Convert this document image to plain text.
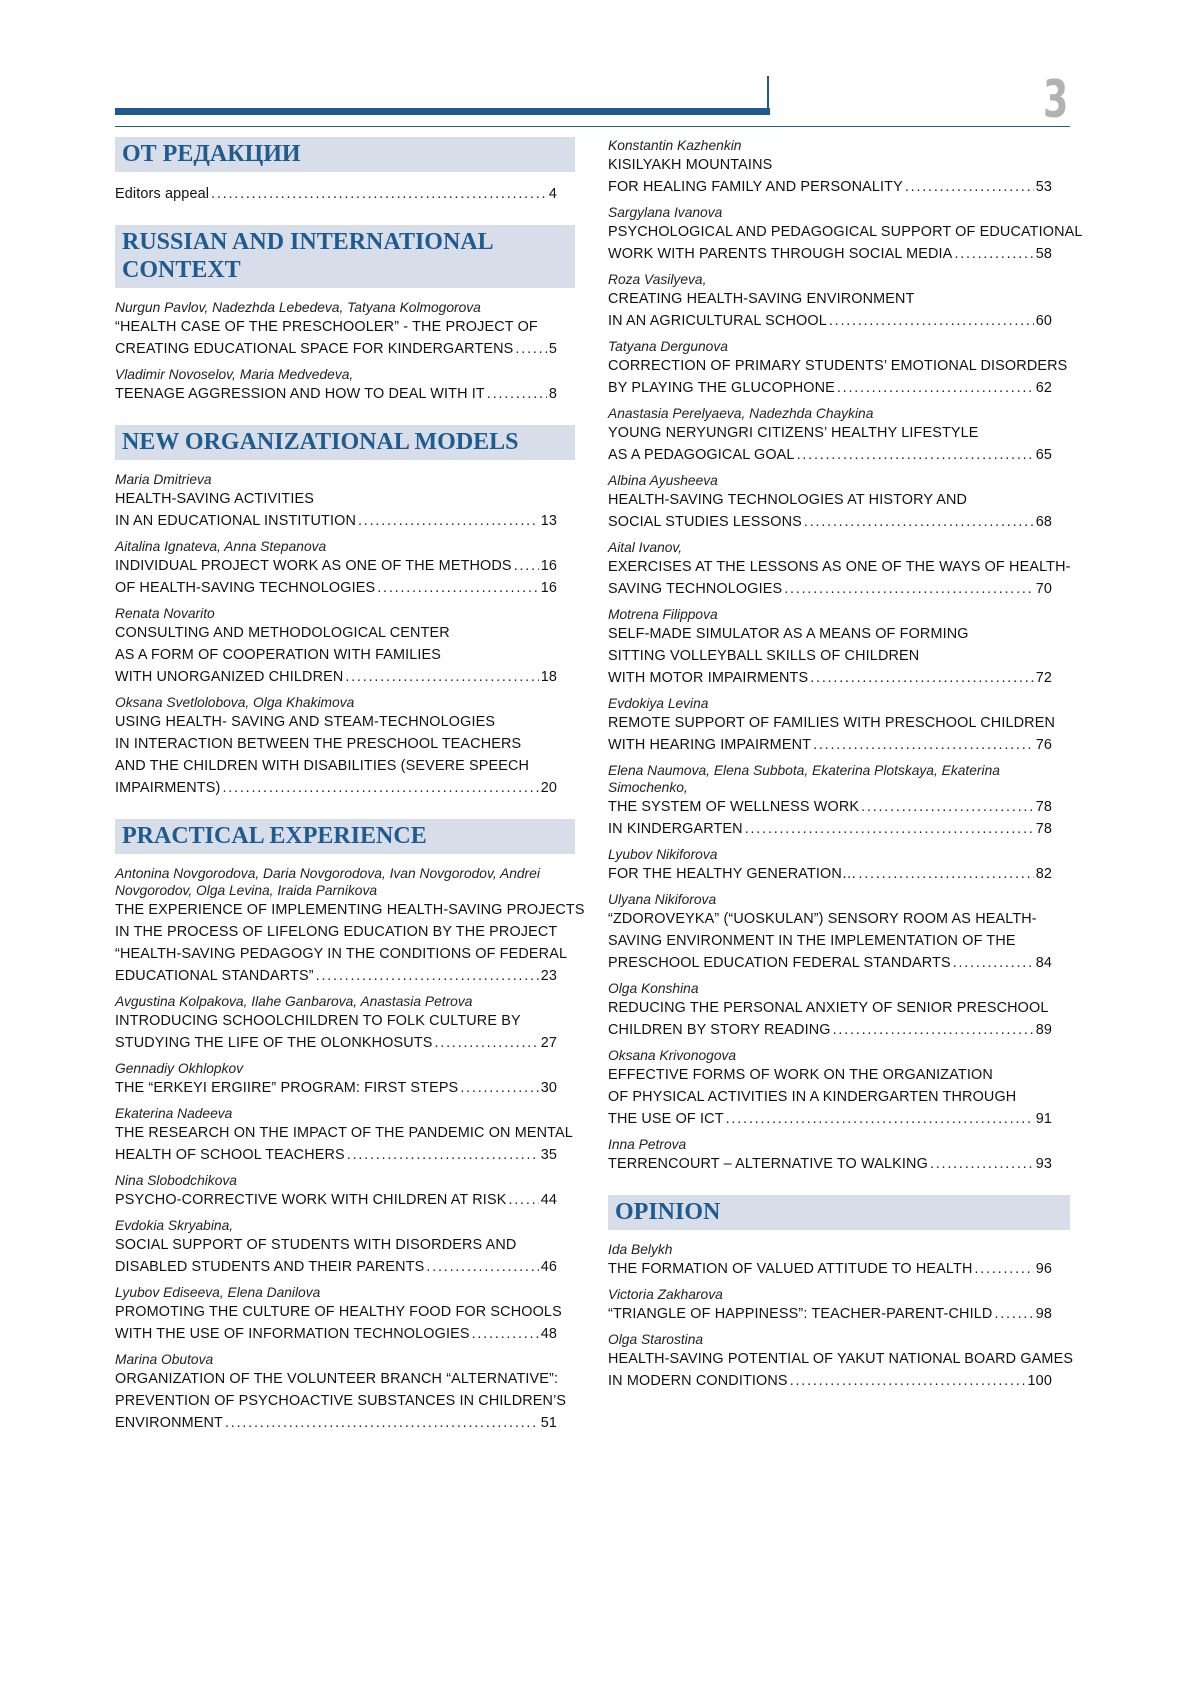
3
ОТ РЕДАКЦИИ
Editors appeal . . .	4
RUSSIAN AND INTERNATIONAL CONTEXT
Nurgun Pavlov, Nadezhda Lebedeva, Tatyana Kolmogorova
“HEALTH CASE OF THE PRESCHOOLER” - THE PROJECT OF
CREATING EDUCATIONAL SPACE FOR KINDERGARTENS . . . 5
Vladimir Novoselov, Maria Medvedeva,
TEENAGE AGGRESSION AND HOW TO DEAL WITH IT . . .	8
NEW ORGANIZATIONAL MODELS
Maria Dmitrieva
HEALTH-SAVING ACTIVITIES
IN AN EDUCATIONAL INSTITUTION . . .	13
Aitalina Ignateva, Anna Stepanova
INDIVIDUAL PROJECT WORK AS ONE OF THE METHODS . . . 16
OF HEALTH-SAVING TECHNOLOGIES . . .	16
Renata Novarito
CONSULTING AND METHODOLOGICAL CENTER
AS A FORM OF COOPERATION WITH FAMILIES
WITH UNORGANIZED CHILDREN . . .	18
Oksana Svetlolobova, Olga Khakimova
USING HEALTH- SAVING AND STEAM-TECHNOLOGIES
IN INTERACTION BETWEEN THE PRESCHOOL TEACHERS
AND THE CHILDREN WITH DISABILITIES (SEVERE SPEECH
IMPAIRMENTS) . . .	20
PRACTICAL EXPERIENCE
Antonina Novgorodova, Daria Novgorodova, Ivan Novgorodov, Andrei Novgorodov, Olga Levina, Iraida Parnikova
THE EXPERIENCE OF IMPLEMENTING HEALTH-SAVING PROJECTS
IN THE PROCESS OF LIFELONG EDUCATION BY THE PROJECT
“HEALTH-SAVING PEDAGOGY IN THE CONDITIONS OF FEDERAL
EDUCATIONAL STANDARTS” . . .	23
Avgustina Kolpakova, Ilahe Ganbarova, Anastasia Petrova
INTRODUCING SCHOOLCHILDREN TO FOLK CULTURE BY
STUDYING THE LIFE OF THE OLONKHOSUTS . . .	27
Gennadiy Okhlopkov
THE “ERKEYI ERGIIRE” PROGRAM: FIRST STEPS . . .	30
Ekaterina Nadeeva
THE RESEARCH ON THE IMPACT OF THE PANDEMIC ON MENTAL
HEALTH OF SCHOOL TEACHERS . . .	35
Nina Slobodchikova
PSYCHO-CORRECTIVE WORK WITH CHILDREN AT RISK . . . 44
Evdokia Skryabina,
SOCIAL SUPPORT OF STUDENTS WITH DISORDERS AND
DISABLED STUDENTS AND THEIR PARENTS . . .	46
Lyubov Ediseeva, Elena Danilova
PROMOTING THE CULTURE OF HEALTHY FOOD FOR SCHOOLS
WITH THE USE OF INFORMATION TECHNOLOGIES . . .	48
Marina Obutova
ORGANIZATION OF THE VOLUNTEER BRANCH “ALTERNATIVE”:
PREVENTION OF PSYCHOACTIVE SUBSTANCES IN CHILDREN’S
ENVIRONMENT . . .	51
Konstantin Kazhenkin
KISILYAKH MOUNTAINS
FOR HEALING FAMILY AND PERSONALITY . . .	53
Sargylana Ivanova
PSYCHOLOGICAL AND PEDAGOGICAL SUPPORT OF EDUCATIONAL
WORK WITH PARENTS THROUGH SOCIAL MEDIA . . .	58
Roza Vasilyeva,
CREATING HEALTH-SAVING ENVIRONMENT
IN AN AGRICULTURAL SCHOOL . . .	60
Tatyana Dergunova
CORRECTION OF PRIMARY STUDENTS’ EMOTIONAL DISORDERS
BY PLAYING THE GLUCOPHONE . . .	62
Anastasia Perelyaeva, Nadezhda Chaykina
YOUNG NERYUNGRI CITIZENS’ HEALTHY LIFESTYLE
AS A PEDAGOGICAL GOAL . . .	65
Albina Ayusheeva
HEALTH-SAVING TECHNOLOGIES AT HISTORY AND
SOCIAL STUDIES LESSONS . . .	68
Aital Ivanov,
EXERCISES AT THE LESSONS AS ONE OF THE WAYS OF HEALTH-
SAVING TECHNOLOGIES . . .	70
Motrena Filippova
SELF-MADE SIMULATOR AS A MEANS OF FORMING
SITTING VOLLEYBALL SKILLS OF CHILDREN
WITH MOTOR IMPAIRMENTS . . .	72
Evdokiya Levina
REMOTE SUPPORT OF FAMILIES WITH PRESCHOOL CHILDREN
WITH HEARING IMPAIRMENT . . .	76
Elena Naumova, Elena Subbota, Ekaterina Plotskaya, Ekaterina Simochenko,
THE SYSTEM OF WELLNESS WORK . . .	78
IN KINDERGARTEN . . .	78
Lyubov Nikiforova
FOR THE HEALTHY GENERATION… . . .	82
Ulyana Nikiforova
“ZDOROVEYKA” (“UOSKULAN”) SENSORY ROOM AS HEALTH-
SAVING ENVIRONMENT IN THE IMPLEMENTATION OF THE
PRESCHOOL EDUCATION FEDERAL STANDARTS . . .	84
Olga Konshina
REDUCING THE PERSONAL ANXIETY OF SENIOR PRESCHOOL
CHILDREN BY STORY READING . . .	89
Oksana Krivonogova
EFFECTIVE FORMS OF WORK ON THE ORGANIZATION
OF PHYSICAL ACTIVITIES IN A KINDERGARTEN THROUGH
THE USE OF ICT . . .	91
Inna Petrova
TERRENCOURT – ALTERNATIVE TO WALKING . . .	93
OPINION
Ida Belykh
THE FORMATION OF VALUED ATTITUDE TO HEALTH . . .	96
Victoria Zakharova
“TRIANGLE OF HAPPINESS”: TEACHER-PARENT-CHILD . . .	98
Olga Starostina
HEALTH-SAVING POTENTIAL OF YAKUT NATIONAL BOARD GAMES
IN MODERN CONDITIONS . . .	100
